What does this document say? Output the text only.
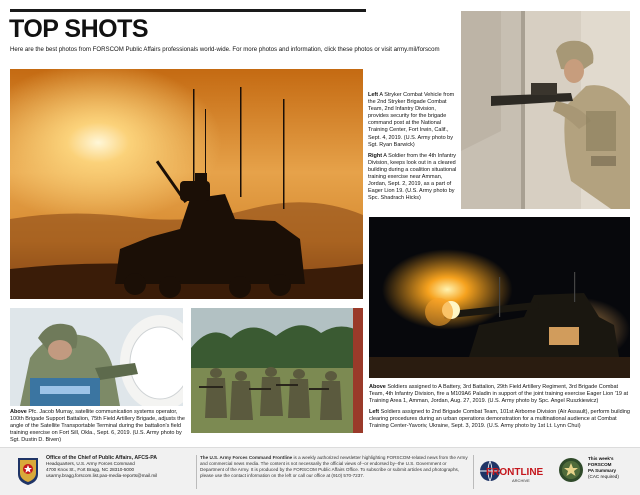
TOP SHOTS
Here are the best photos from FORSCOM Public Affairs professionals world-wide. For more photos and information, click these photos or visit army.mil/forscom

Left A Stryker Combat Vehicle from the 2nd Stryker Brigade Combat Team, 2nd Infantry Division, provides security for the brigade command post at the National Training Center, Fort Irwin, Calif., Sept. 4, 2019. (U.S. Army photo by Sgt. Ryan Barwick)

Right A Soldier from the 4th Infantry Division, keeps look out in a cleared building during a coalition situational training exercise near Amman, Jordan, Sept. 2, 2019, as a part of Eager Lion 19. (U.S. Army photo by Spc. Shadrach Hicks)

Above Pfc. Jacob Murray, satellite communication systems operator, 100th Brigade Support Battalion, 75th Field Artillery Brigade, adjusts the angle of the Satellite Transportable Terminal during the battalion's field training exercise on Fort Sill, Okla., Sept. 6, 2019. (U.S. Army photo by Sgt. Dustin D. Biven)

Above Soldiers assigned to A Battery, 3rd Battalion, 29th Field Artillery Regiment, 3rd Brigade Combat Team, 4th Infantry Division, fire a M109A6 Paladin in support of the joint training exercise Eager Lion '19 at Training Area 1, Amman, Jordan, Aug. 27, 2019. (U.S. Army photo by Spc. Angel Ruszkiewicz)

Left Soldiers assigned to 2nd Brigade Combat Team, 101st Airborne Division (Air Assault), perform building clearing procedures during an urban operations demonstration for a multinational audience at Combat Training Center-Yavoriv, Ukraine, Sept. 3, 2019. (U.S. Army photo by 1st Lt. Lynn Chui)

Office of the Chief of Public Affairs, AFCS-PA
Headquarters, U.S. Army Forces Command
4700 Knox St., Fort Bragg, NC 28310-5000
usarmy.bragg.forscom.list.pao-media-reports@mail.mil
The U.S. Army Forces Command Frontline is a weekly authorized newsletter highlighting FORSCOM-related news from the Army and commercial news media. The content is not necessarily the official views of--or endorsed by--the U.S. Government or Department of the Army. It is produced by the FORSCOM Public Affairs Office. To subscribe or submit articles and photographs, please use the contact information on the left or call our office at (910) 570-7237.	FRONTLINE
ARCHIVE
This week's
FORSCOM
PA Summary
(CAC required)
